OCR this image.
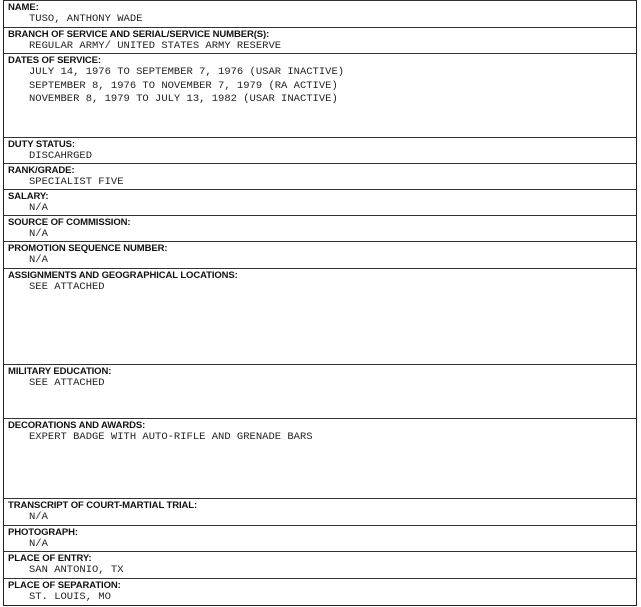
NAME:
TUSO, ANTHONY WADE
BRANCH OF SERVICE AND SERIAL/SERVICE NUMBER(S):
REGULAR ARMY/ UNITED STATES ARMY RESERVE
DATES OF SERVICE:
JULY 14, 1976 TO SEPTEMBER 7, 1976 (USAR INACTIVE)
SEPTEMBER 8, 1976 TO NOVEMBER 7, 1979 (RA ACTIVE)
NOVEMBER 8, 1979 TO JULY 13, 1982 (USAR INACTIVE)
DUTY STATUS:
DISCAHRGED
RANK/GRADE:
SPECIALIST FIVE
SALARY:
N/A
SOURCE OF COMMISSION:
N/A
PROMOTION SEQUENCE NUMBER:
N/A
ASSIGNMENTS AND GEOGRAPHICAL LOCATIONS:
SEE ATTACHED
MILITARY EDUCATION:
SEE ATTACHED
DECORATIONS AND AWARDS:
EXPERT BADGE WITH AUTO-RIFLE AND GRENADE BARS
TRANSCRIPT OF COURT-MARTIAL TRIAL:
N/A
PHOTOGRAPH:
N/A
PLACE OF ENTRY:
SAN ANTONIO, TX
PLACE OF SEPARATION:
ST. LOUIS, MO
